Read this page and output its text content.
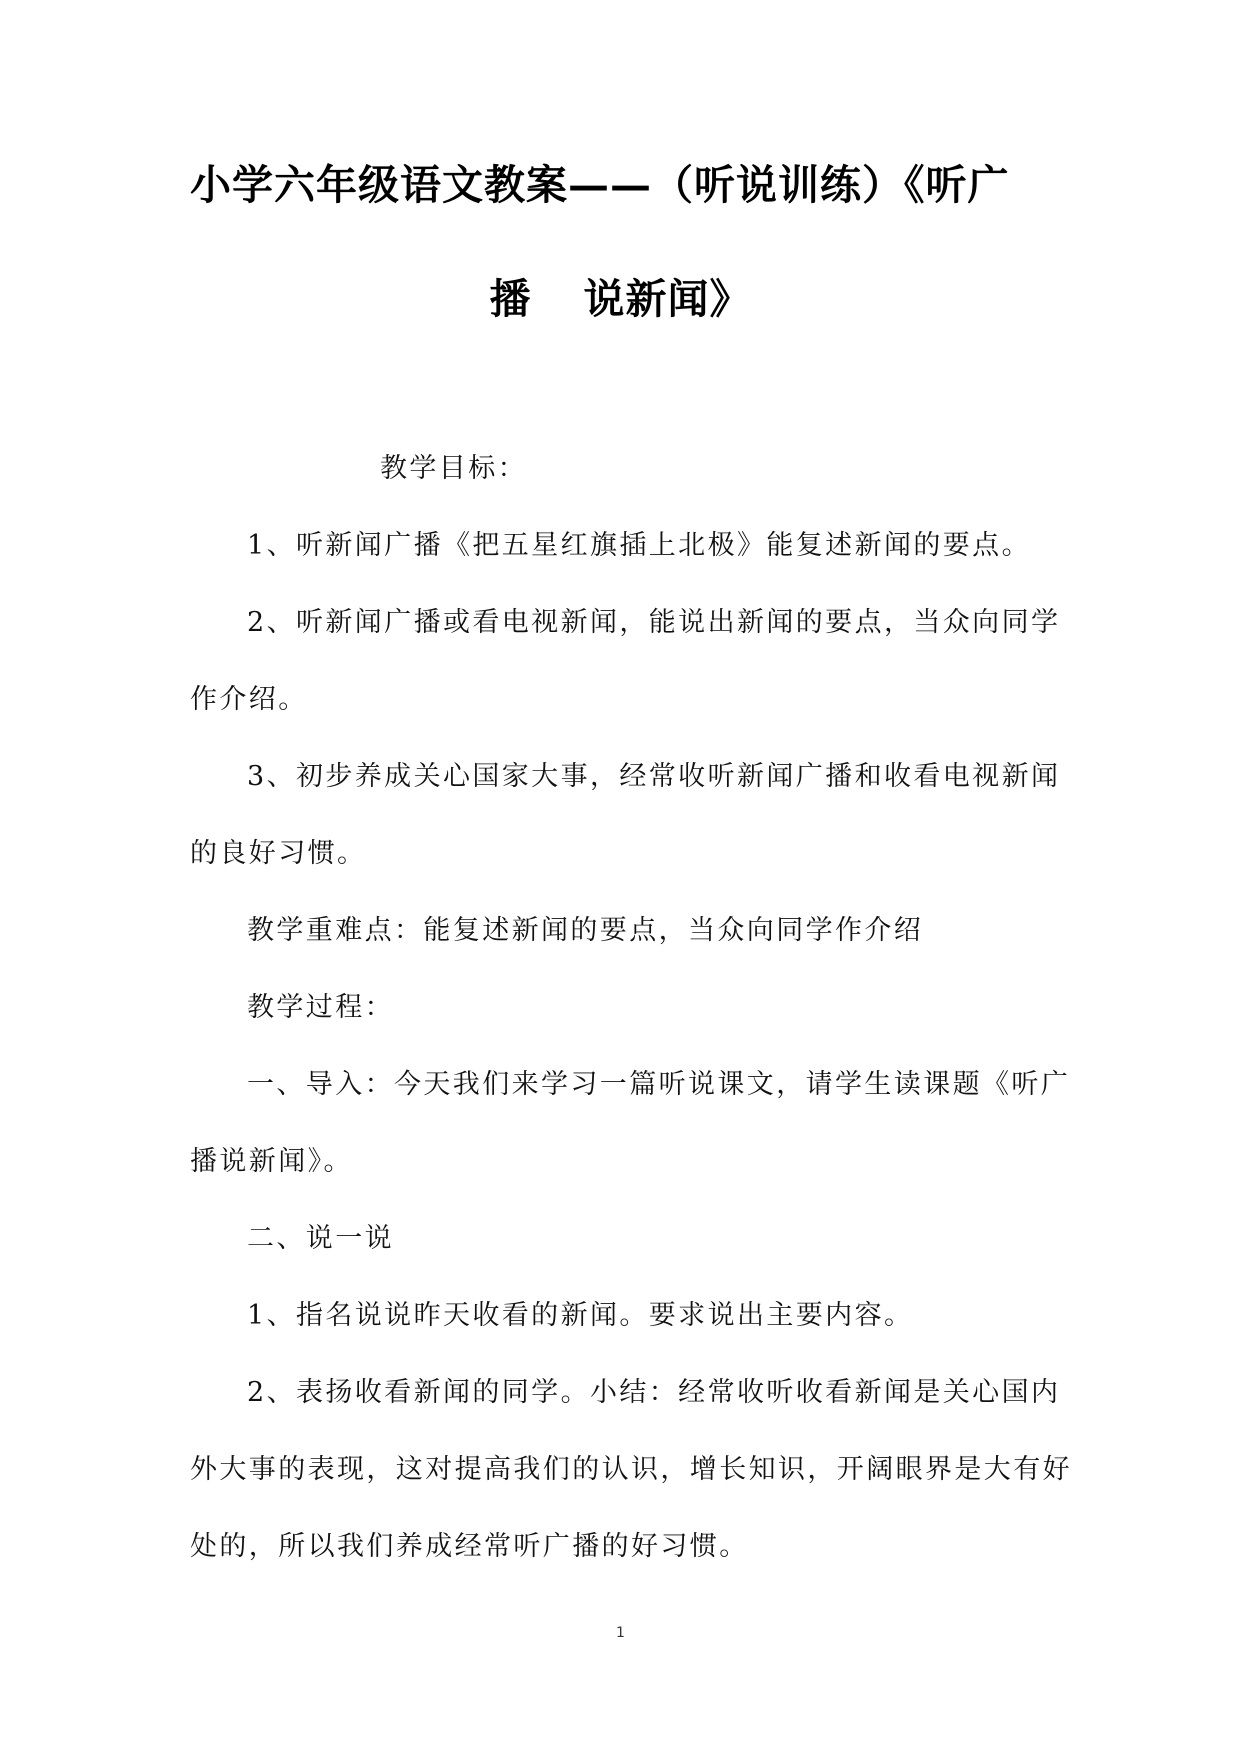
小学六年级语文教案——（听说训练）《听广
播 说新闻》
教学目标：
1、听新闻广播《把五星红旗插上北极》能复述新闻的要点。
2、听新闻广播或看电视新闻，能说出新闻的要点，当众向同学
作介绍。
3、初步养成关心国家大事，经常收听新闻广播和收看电视新闻
的良好习惯。
教学重难点：能复述新闻的要点，当众向同学作介绍
教学过程：
一、导入：今天我们来学习一篇听说课文，请学生读课题《听广
播说新闻》。
二、说一说
1、指名说说昨天收看的新闻。要求说出主要内容。
2、表扬收看新闻的同学。小结：经常收听收看新闻是关心国内
外大事的表现，这对提高我们的认识，增长知识，开阔眼界是大有好
处的，所以我们养成经常听广播的好习惯。
1
